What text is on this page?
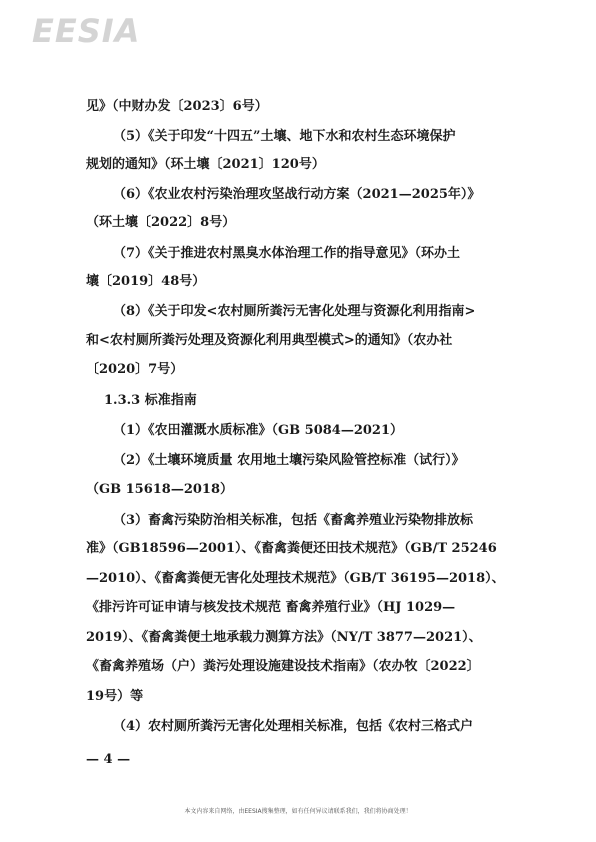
EESIA
见》（中财办发〔2023〕6号）
（5）《关于印发“十四五”土壤、地下水和农村生态环境保护
规划的通知》（环土壤〔2021〕120号）
（6）《农业农村污染治理攻坚战行动方案（2021—2025年）》
（环土壤〔2022〕8号）
（7）《关于推进农村黑臭水体治理工作的指导意见》（环办土
壤〔2019〕48号）
（8）《关于印发<农村厕所粪污无害化处理与资源化利用指南>
和<农村厕所粪污处理及资源化利用典型模式>的通知》（农办社
〔2020〕7号）
1.3.3 标准指南
（1）《农田灌溉水质标准》（GB 5084—2021）
（2）《土壤环境质量 农用地土壤污染风险管控标准（试行）》
（GB 15618—2018）
（3）畜禽污染防治相关标准，包括《畜禽养殖业污染物排放标
准》（GB18596—2001）、《畜禽粪便还田技术规范》（GB/T 25246
—2010）、《畜禽粪便无害化处理技术规范》（GB/T 36195—2018）、
《排污许可证申请与核发技术规范 畜禽养殖行业》（HJ 1029—
2019）、《畜禽粪便土地承载力测算方法》（NY/T 3877—2021）、
《畜禽养殖场（户）粪污处理设施建设技术指南》（农办牧〔2022〕
19号）等
（4）农村厕所粪污无害化处理相关标准，包括《农村三格式户
— 4 —
本文内容来自网络，由EESIA搜集整理，如有任何异议请联系我们，我们将协商处理！
